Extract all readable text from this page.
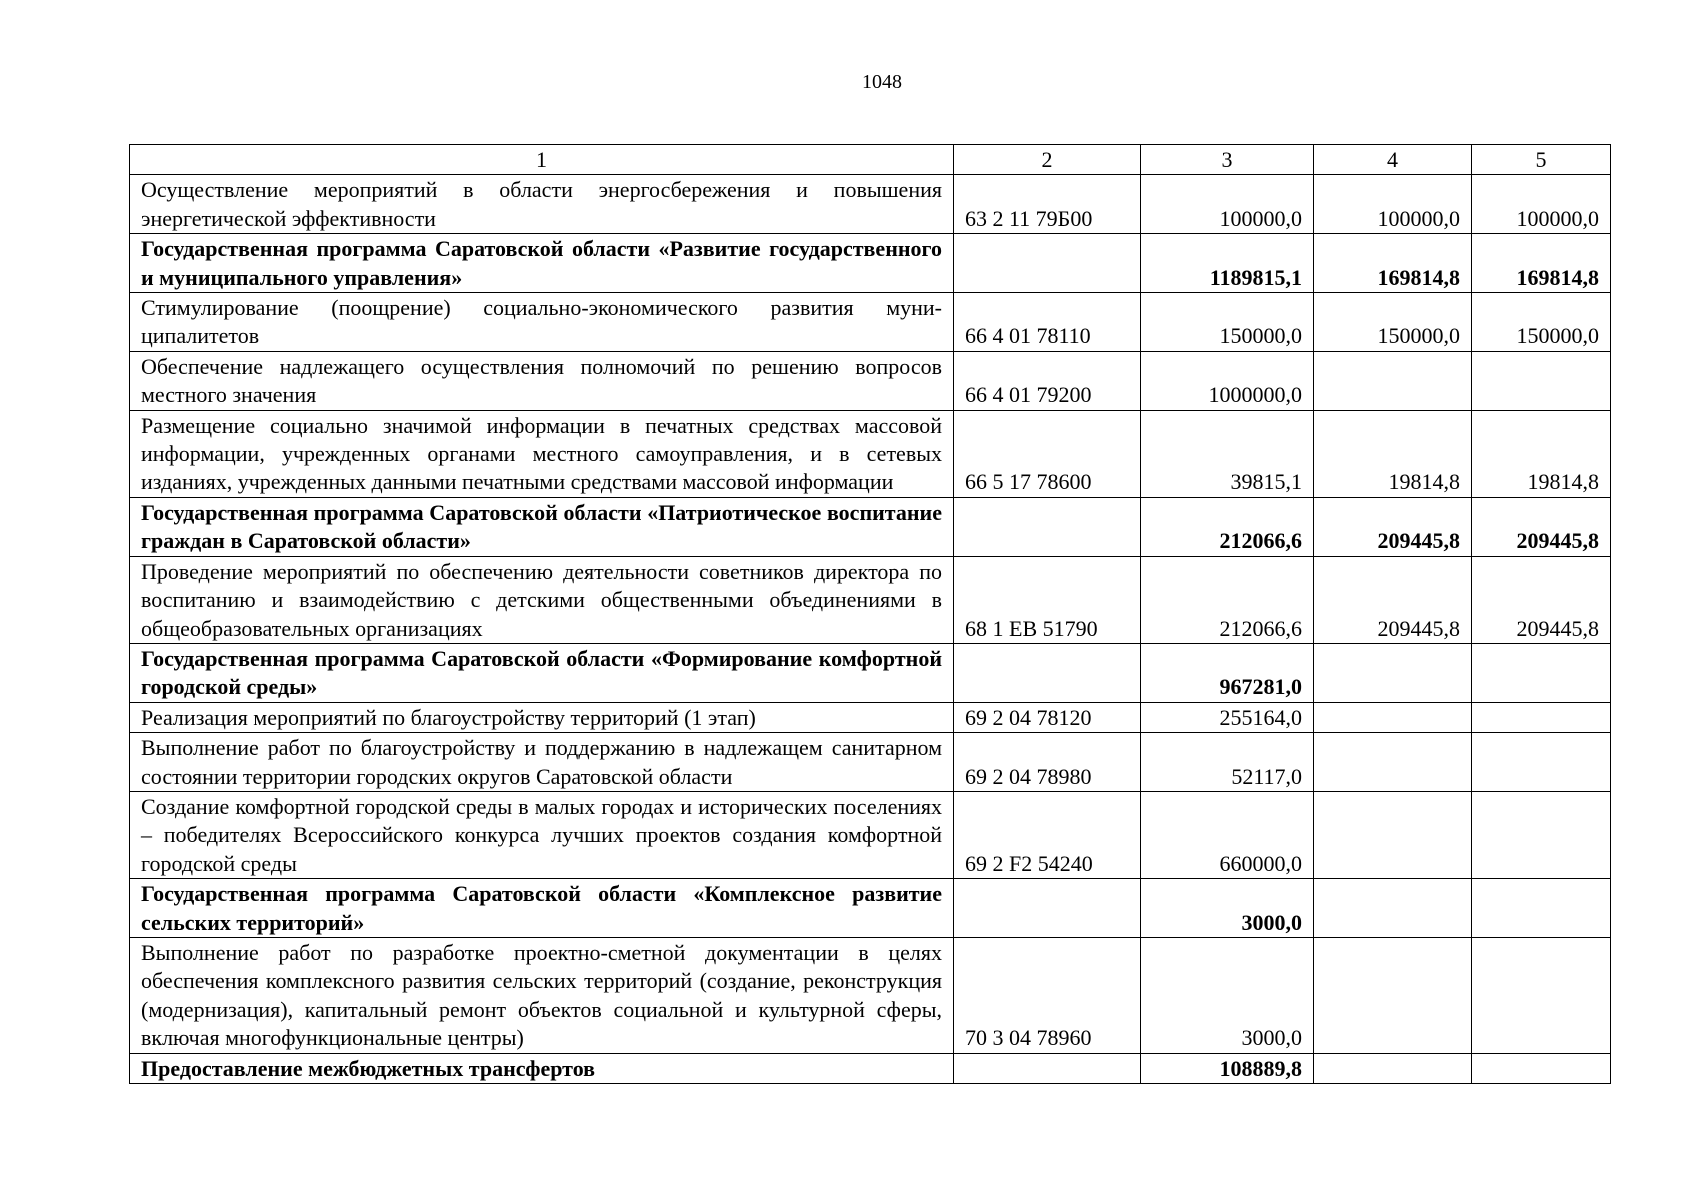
1048
1	2	3	4	5
Осуществление мероприятий в области энергосбережения и повышения энергетической эффективности	63 2 11 79Б00	100000,0	100000,0	100000,0
Государственная программа Саратовской области «Развитие государственного и муниципального управления»		1189815,1	169814,8	169814,8
Стимулирование (поощрение) социально-экономического развития муниципалитетов	66 4 01 78110	150000,0	150000,0	150000,0
Обеспечение надлежащего осуществления полномочий по решению вопросов местного значения	66 4 01 79200	1000000,0		
Размещение социально значимой информации в печатных средствах массовой информации, учрежденных органами местного самоуправления, и в сетевых изданиях, учрежденных данными печатными средствами массовой информации	66 5 17 78600	39815,1	19814,8	19814,8
Государственная программа Саратовской области «Патриотическое воспитание граждан в Саратовской области»		212066,6	209445,8	209445,8
Проведение мероприятий по обеспечению деятельности советников директора по воспитанию и взаимодействию с детскими общественными объединениями в общеобразовательных организациях	68 1 EB 51790	212066,6	209445,8	209445,8
Государственная программа Саратовской области «Формирование комфортной городской среды»		967281,0		
Реализация мероприятий по благоустройству территорий (1 этап)	69 2 04 78120	255164,0		
Выполнение работ по благоустройству и поддержанию в надлежащем санитарном состоянии территории городских округов Саратовской области	69 2 04 78980	52117,0		
Создание комфортной городской среды в малых городах и исторических поселениях – победителях Всероссийского конкурса лучших проектов создания комфортной городской среды	69 2 F2 54240	660000,0		
Государственная программа Саратовской области «Комплексное развитие сельских территорий»		3000,0		
Выполнение работ по разработке проектно-сметной документации в целях обеспечения комплексного развития сельских территорий (создание, реконструкция (модернизация), капитальный ремонт объектов социальной и культурной сферы, включая многофункциональные центры)	70 3 04 78960	3000,0		
Предоставление межбюджетных трансфертов		108889,8		
